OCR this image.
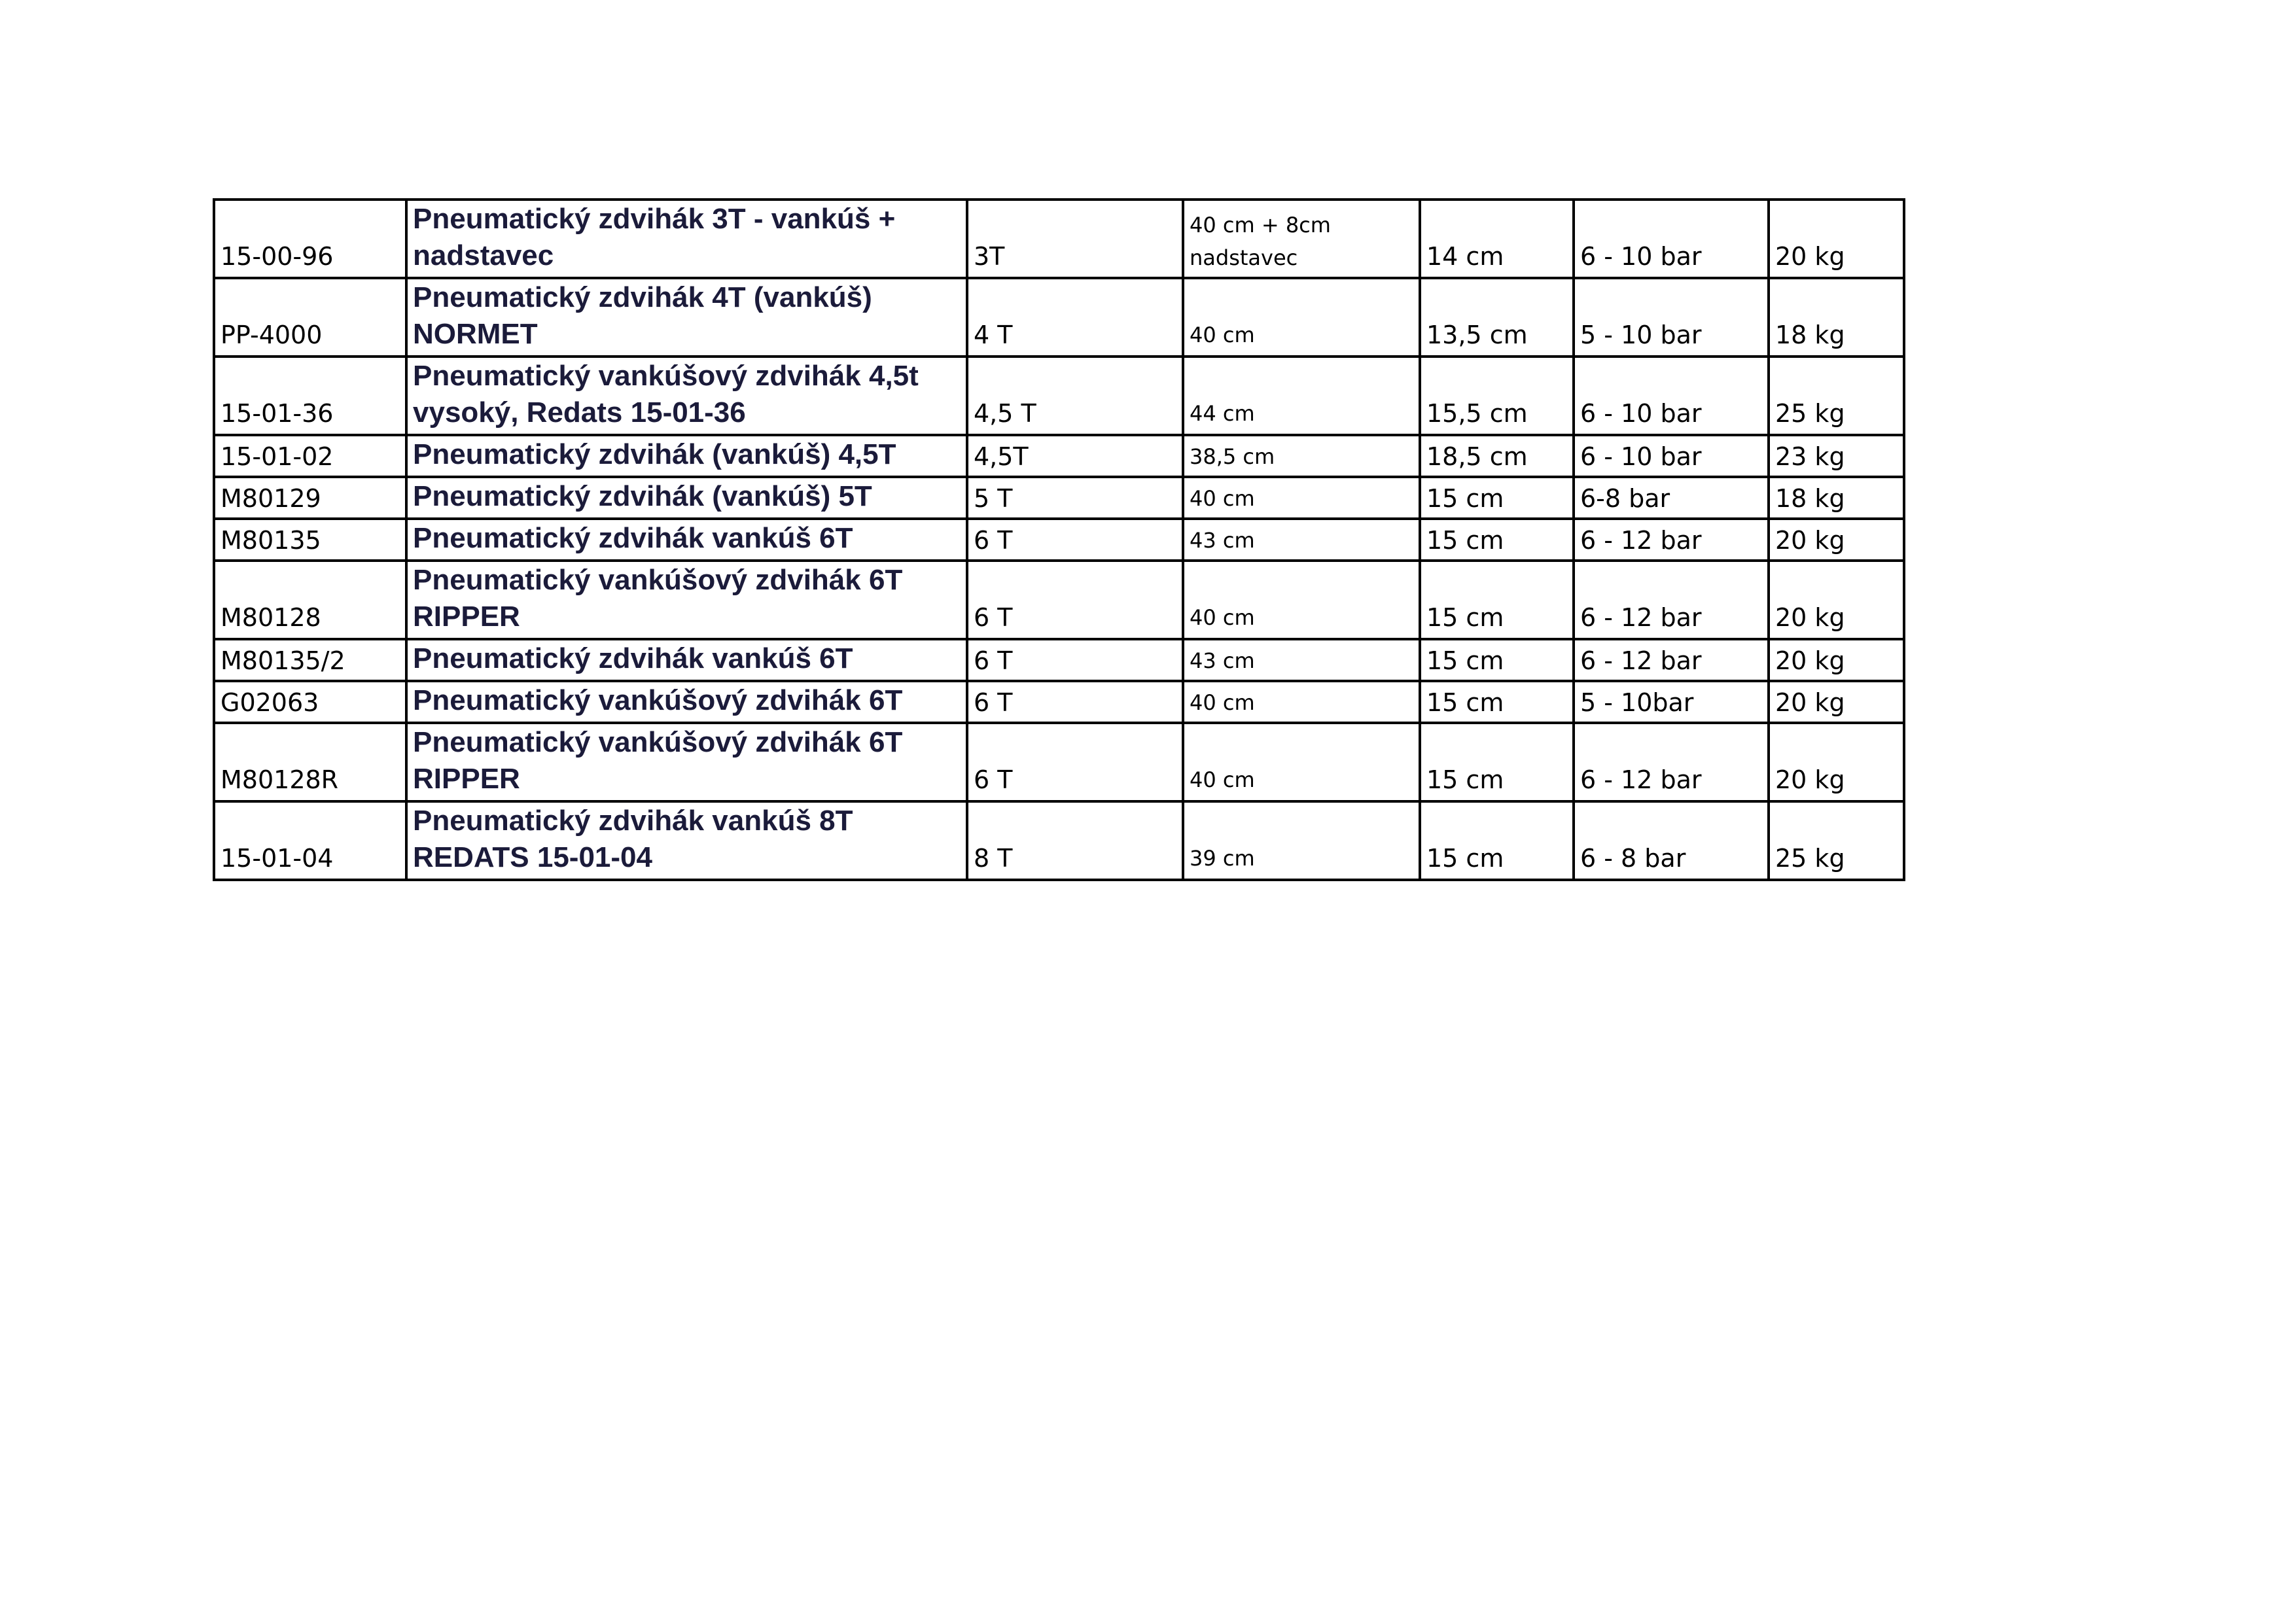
15-00-96	Pneumatický zdvihák 3T - vankúš + nadstavec	3T	40 cm + 8cm nadstavec	14 cm	6 - 10 bar	20 kg
PP-4000	Pneumatický zdvihák 4T (vankúš) NORMET	4 T	40 cm	13,5 cm	5 - 10 bar	18 kg
15-01-36	Pneumatický vankúšový zdvihák 4,5t vysoký, Redats 15-01-36	4,5 T	44 cm	15,5 cm	6 - 10 bar	25 kg
15-01-02	Pneumatický zdvihák (vankúš) 4,5T	4,5T	38,5 cm	18,5 cm	6 - 10 bar	23 kg
M80129	Pneumatický zdvihák (vankúš) 5T	5 T	40 cm	15 cm	6-8 bar	18 kg
M80135	Pneumatický zdvihák vankúš 6T	6 T	43 cm	15 cm	6 - 12 bar	20 kg
M80128	Pneumatický vankúšový zdvihák 6T RIPPER	6 T	40 cm	15 cm	6 - 12 bar	20 kg
M80135/2	Pneumatický zdvihák vankúš 6T	6 T	43 cm	15 cm	6 - 12 bar	20 kg
G02063	Pneumatický vankúšový zdvihák 6T	6 T	40 cm	15 cm	5 - 10bar	20 kg
M80128R	Pneumatický vankúšový zdvihák 6T RIPPER	6 T	40 cm	15 cm	6 - 12 bar	20 kg
15-01-04	Pneumatický zdvihák vankúš 8T REDATS 15-01-04	8 T	39 cm	15 cm	6 - 8 bar	25 kg
